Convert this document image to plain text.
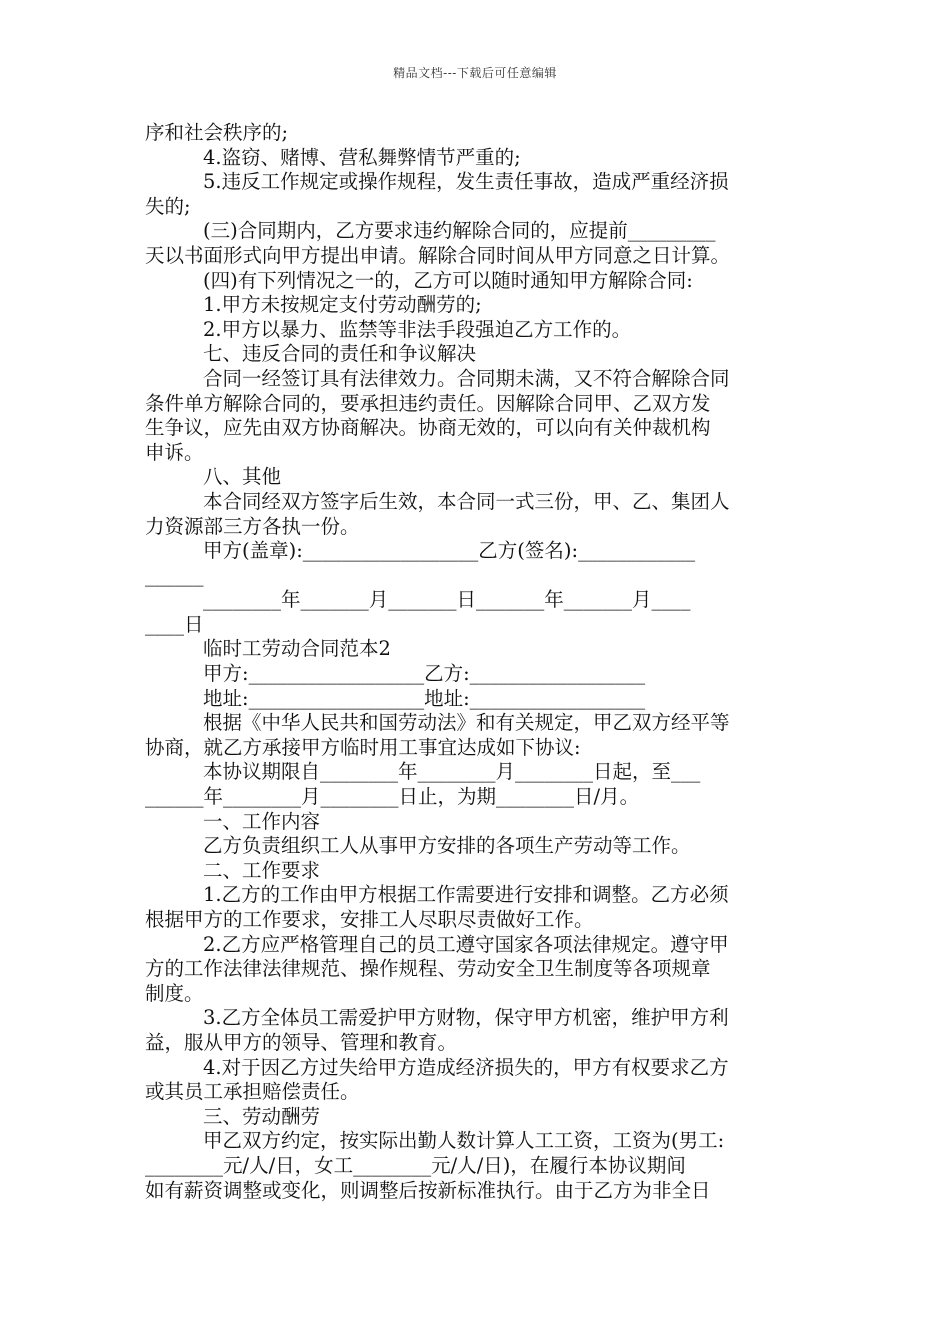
精品文档---下载后可任意编辑
序和社会秩序的;
4.盗窃、赌博、营私舞弊情节严重的;
5.违反工作规定或操作规程，发生责任事故，造成严重经济损
失的;
(三)合同期内，乙方要求违约解除合同的，应提前_________
天以书面形式向甲方提出申请。解除合同时间从甲方同意之日计算。
(四)有下列情况之一的，乙方可以随时通知甲方解除合同:
1.甲方未按规定支付劳动酬劳的;
2.甲方以暴力、监禁等非法手段强迫乙方工作的。
七、违反合同的责任和争议解决
合同一经签订具有法律效力。合同期未满，又不符合解除合同
条件单方解除合同的，要承担违约责任。因解除合同甲、乙双方发
生争议，应先由双方协商解决。协商无效的，可以向有关仲裁机构
申诉。
八、其他
本合同经双方签字后生效，本合同一式三份，甲、乙、集团人
力资源部三方各执一份。
甲方(盖章):__________________乙方(签名):____________
______
________年_______月_______日_______年_______月____
____日
临时工劳动合同范本2
甲方:__________________乙方:__________________
地址:__________________地址:__________________
根据《中华人民共和国劳动法》和有关规定，甲乙双方经平等
协商，就乙方承接甲方临时用工事宜达成如下协议:
本协议期限自________年________月________日起，至___
______年________月________日止，为期________日/月。
一、工作内容
乙方负责组织工人从事甲方安排的各项生产劳动等工作。
二、工作要求
1.乙方的工作由甲方根据工作需要进行安排和调整。乙方必须
根据甲方的工作要求，安排工人尽职尽责做好工作。
2.乙方应严格管理自己的员工遵守国家各项法律规定。遵守甲
方的工作法律法律规范、操作规程、劳动安全卫生制度等各项规章
制度。
3.乙方全体员工需爱护甲方财物，保守甲方机密，维护甲方利
益，服从甲方的领导、管理和教育。
4.对于因乙方过失给甲方造成经济损失的，甲方有权要求乙方
或其员工承担赔偿责任。
三、劳动酬劳
甲乙双方约定，按实际出勤人数计算人工工资，工资为(男工:
________元/人/日，女工________元/人/日)，在履行本协议期间
如有薪资调整或变化，则调整后按新标准执行。由于乙方为非全日
